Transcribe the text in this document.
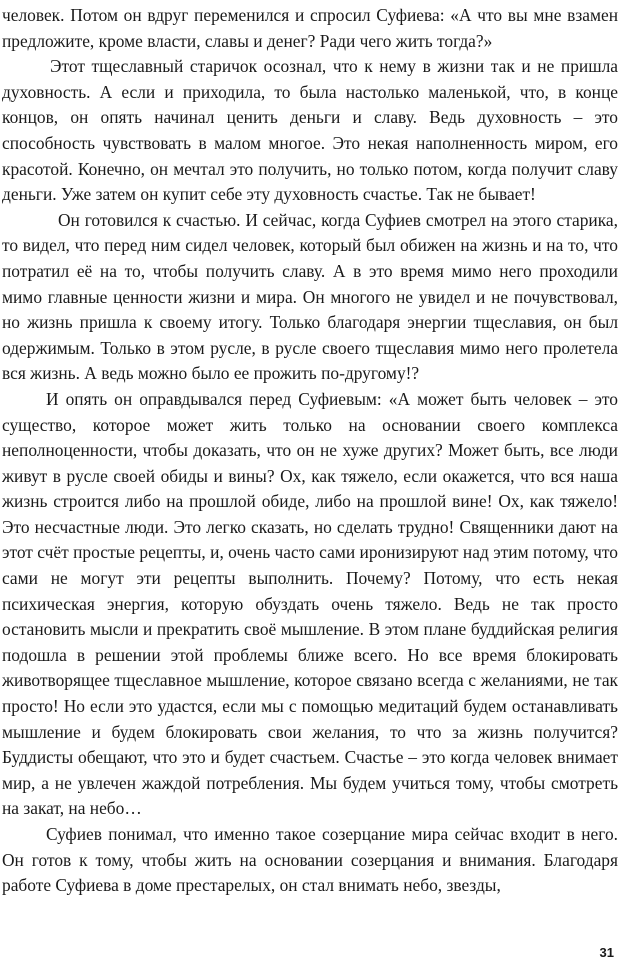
человек. Потом он вдруг переменился и спросил Суфиева: «А что вы мне взамен предложите, кроме власти, славы и денег? Ради чего жить тогда?»

Этот тщеславный старичок осознал, что к нему в жизни так и не пришла духовность. А если и приходила, то была настолько маленькой, что, в конце концов, он опять начинал ценить деньги и славу. Ведь духовность – это способность чувствовать в малом многое. Это некая наполненность миром, его красотой. Конечно, он мечтал это получить, но только потом, когда получит славу деньги. Уже затем он купит себе эту духовность счастье. Так не бывает!

Он готовился к счастью. И сейчас, когда Суфиев смотрел на этого старика, то видел, что перед ним сидел человек, который был обижен на жизнь и на то, что потратил её на то, чтобы получить славу. А в это время мимо него проходили мимо главные ценности жизни и мира. Он многого не увидел и не почувствовал, но жизнь пришла к своему итогу. Только благодаря энергии тщеславия, он был одержимым. Только в этом русле, в русле своего тщеславия мимо него пролетела вся жизнь. А ведь можно было ее прожить по-другому!?

И опять он оправдывался перед Суфиевым: «А может быть человек – это существо, которое может жить только на основании своего комплекса неполноценности, чтобы доказать, что он не хуже других? Может быть, все люди живут в русле своей обиды и вины? Ох, как тяжело, если окажется, что вся наша жизнь строится либо на прошлой обиде, либо на прошлой вине! Ох, как тяжело! Это несчастные люди. Это легко сказать, но сделать трудно! Священники дают на этот счёт простые рецепты, и, очень часто сами иронизируют над этим потому, что сами не могут эти рецепты выполнить. Почему? Потому, что есть некая психическая энергия, которую обуздать очень тяжело. Ведь не так просто остановить мысли и прекратить своё мышление. В этом плане буддийская религия подошла в решении этой проблемы ближе всего. Но все время блокировать животворящее тщеславное мышление, которое связано всегда с желаниями, не так просто! Но если это удастся, если мы с помощью медитаций будем останавливать мышление и будем блокировать свои желания, то что за жизнь получится? Буддисты обещают, что это и будет счастьем. Счастье – это когда человек внимает мир, а не увлечен жаждой потребления. Мы будем учиться тому, чтобы смотреть на закат, на небо…

Суфиев понимал, что именно такое созерцание мира сейчас входит в него. Он готов к тому, чтобы жить на основании созерцания и внимания. Благодаря работе Суфиева в доме престарелых, он стал внимать небо, звезды,

31
